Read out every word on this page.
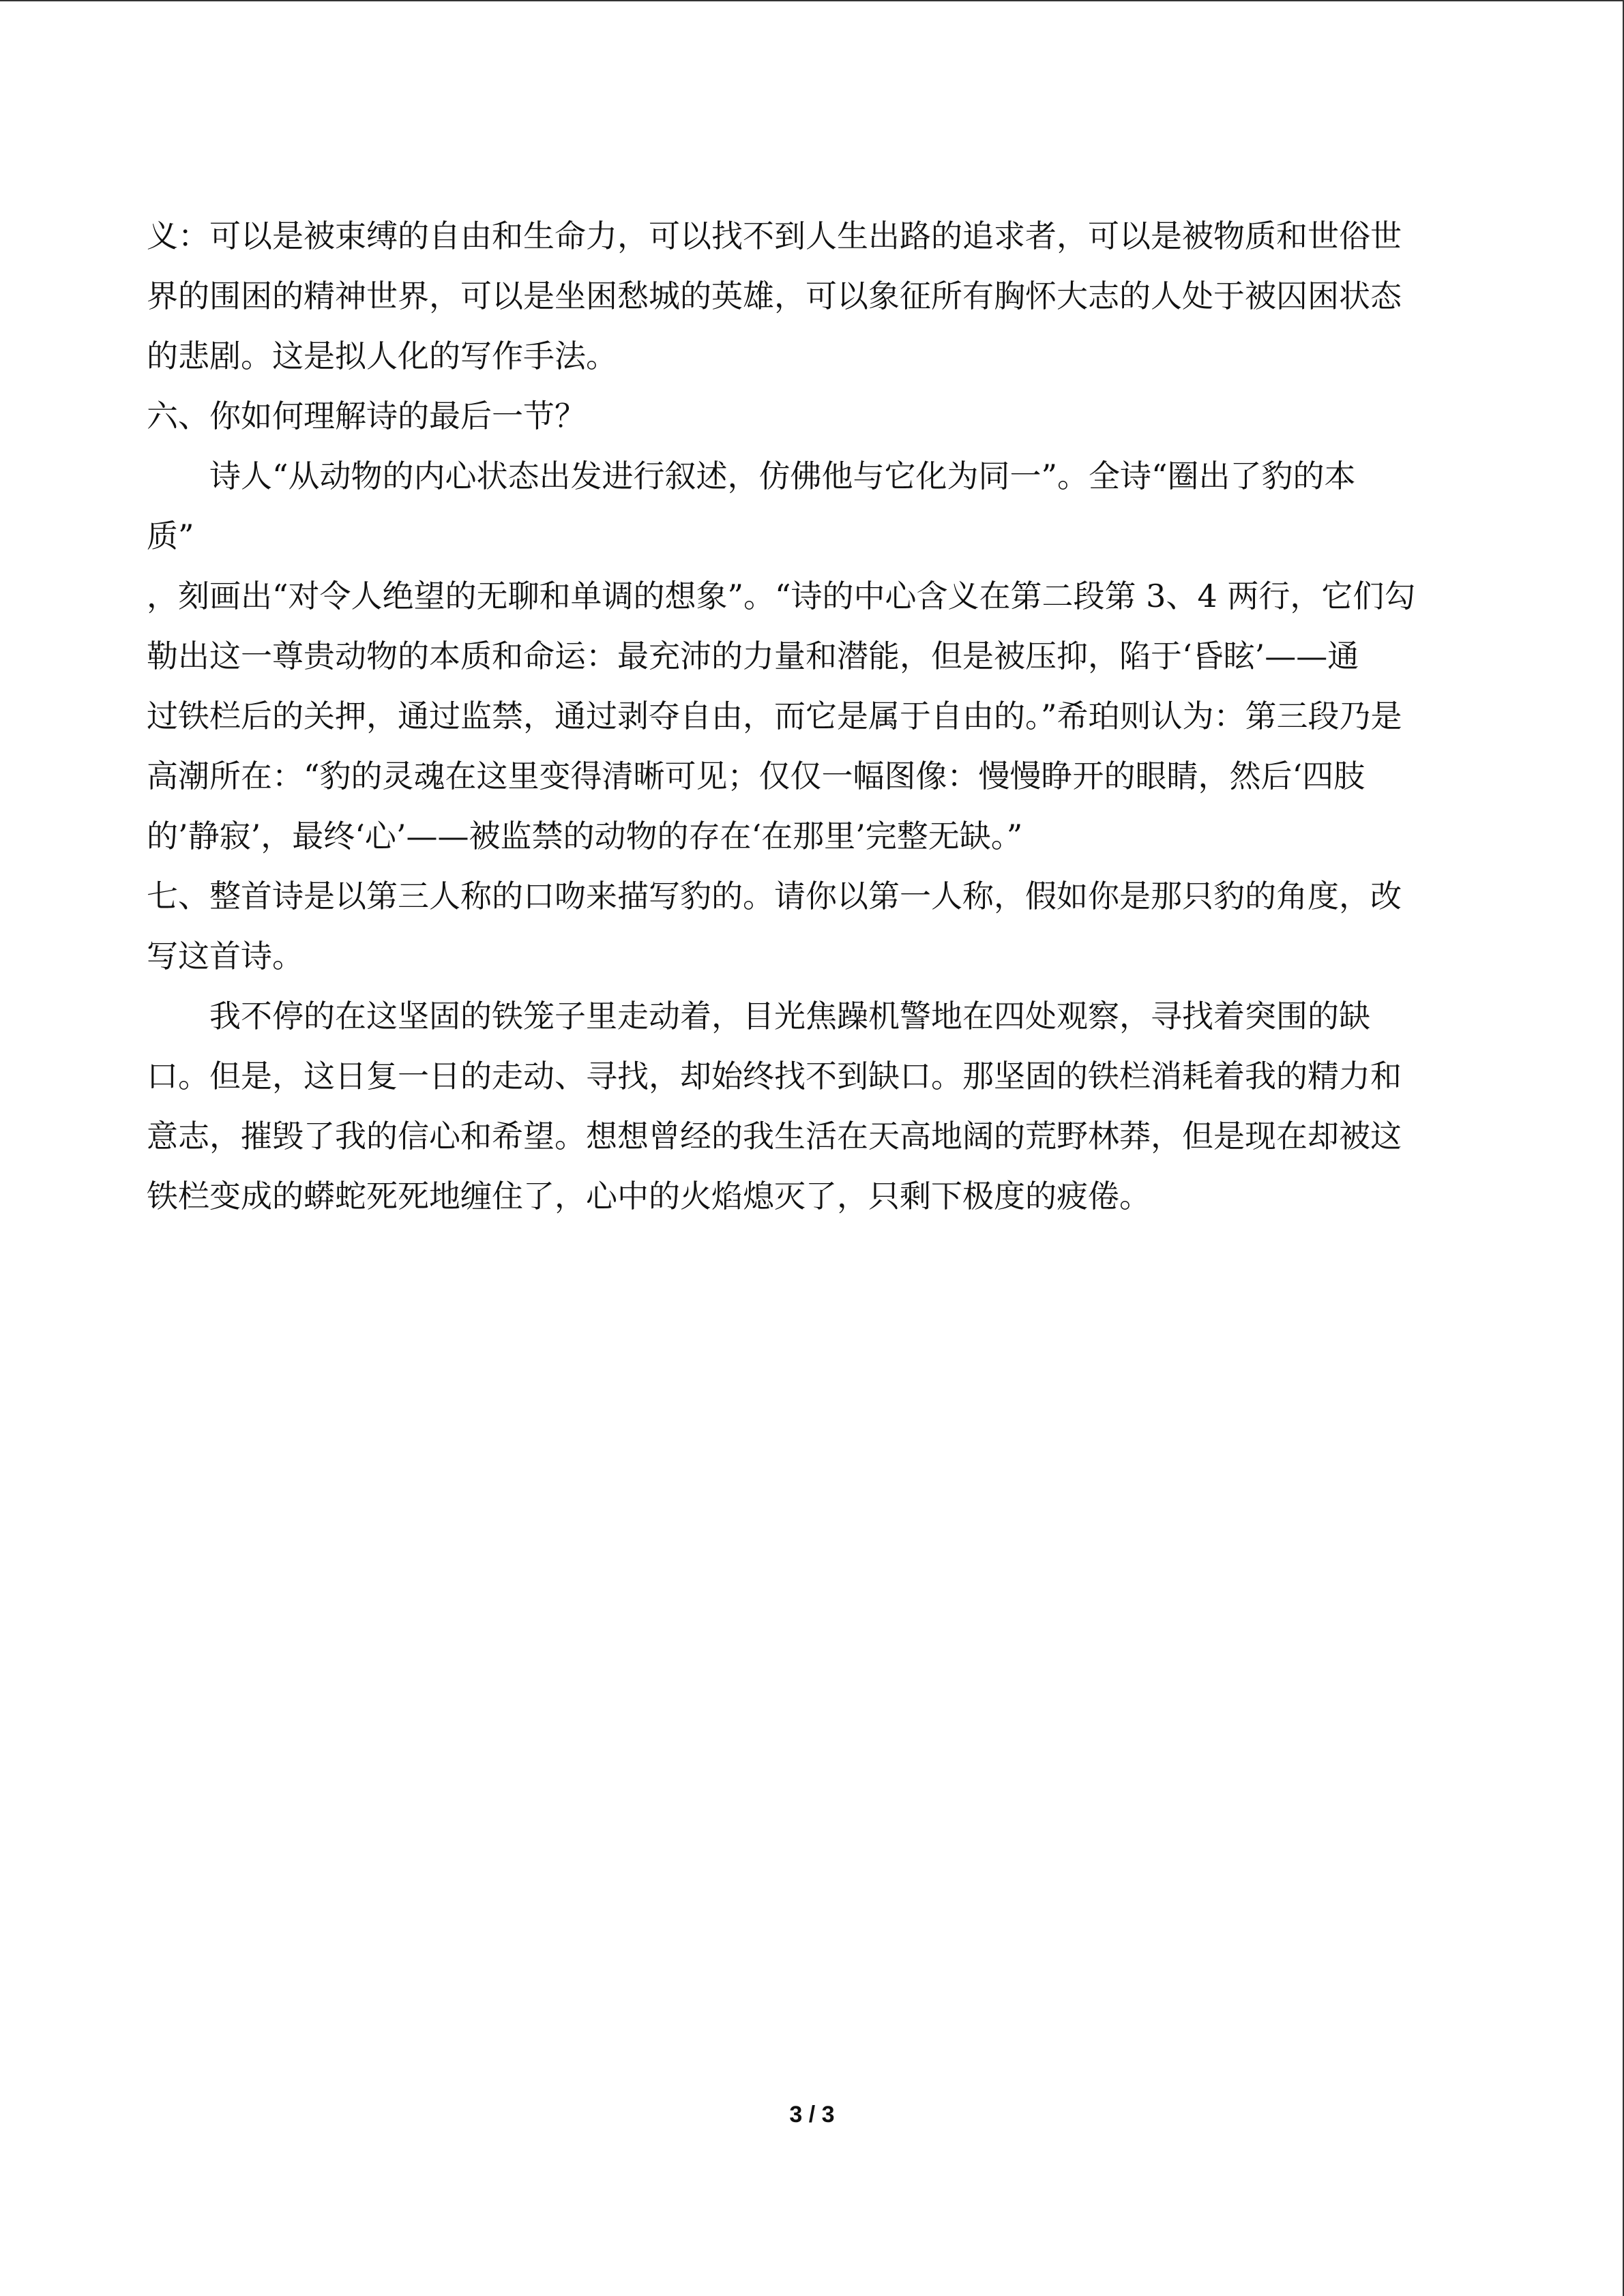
义：可以是被束缚的自由和生命力，可以找不到人生出路的追求者，可以是被物质和世俗世
界的围困的精神世界，可以是坐困愁城的英雄，可以象征所有胸怀大志的人处于被囚困状态
的悲剧。这是拟人化的写作手法。
六、你如何理解诗的最后一节？
诗人“从动物的内心状态出发进行叙述，仿佛他与它化为同一”。全诗“圈出了豹的本
质”
，刻画出“对令人绝望的无聊和单调的想象”。“诗的中心含义在第二段第 3、4 两行，它们勾
勒出这一尊贵动物的本质和命运：最充沛的力量和潜能，但是被压抑，陷于‘昏眩’——通
过铁栏后的关押，通过监禁，通过剥夺自由，而它是属于自由的。”希珀则认为：第三段乃是
高潮所在：“豹的灵魂在这里变得清晰可见；仅仅一幅图像：慢慢睁开的眼睛，然后‘四肢
的’静寂’，最终‘心’——被监禁的动物的存在‘在那里’完整无缺。”
七、整首诗是以第三人称的口吻来描写豹的。请你以第一人称，假如你是那只豹的角度，改
写这首诗。
我不停的在这坚固的铁笼子里走动着，目光焦躁机警地在四处观察，寻找着突围的缺
口。但是，这日复一日的走动、寻找，却始终找不到缺口。那坚固的铁栏消耗着我的精力和
意志，摧毁了我的信心和希望。想想曾经的我生活在天高地阔的荒野林莽，但是现在却被这
铁栏变成的蟒蛇死死地缠住了，心中的火焰熄灭了，只剩下极度的疲倦。
3 / 3
